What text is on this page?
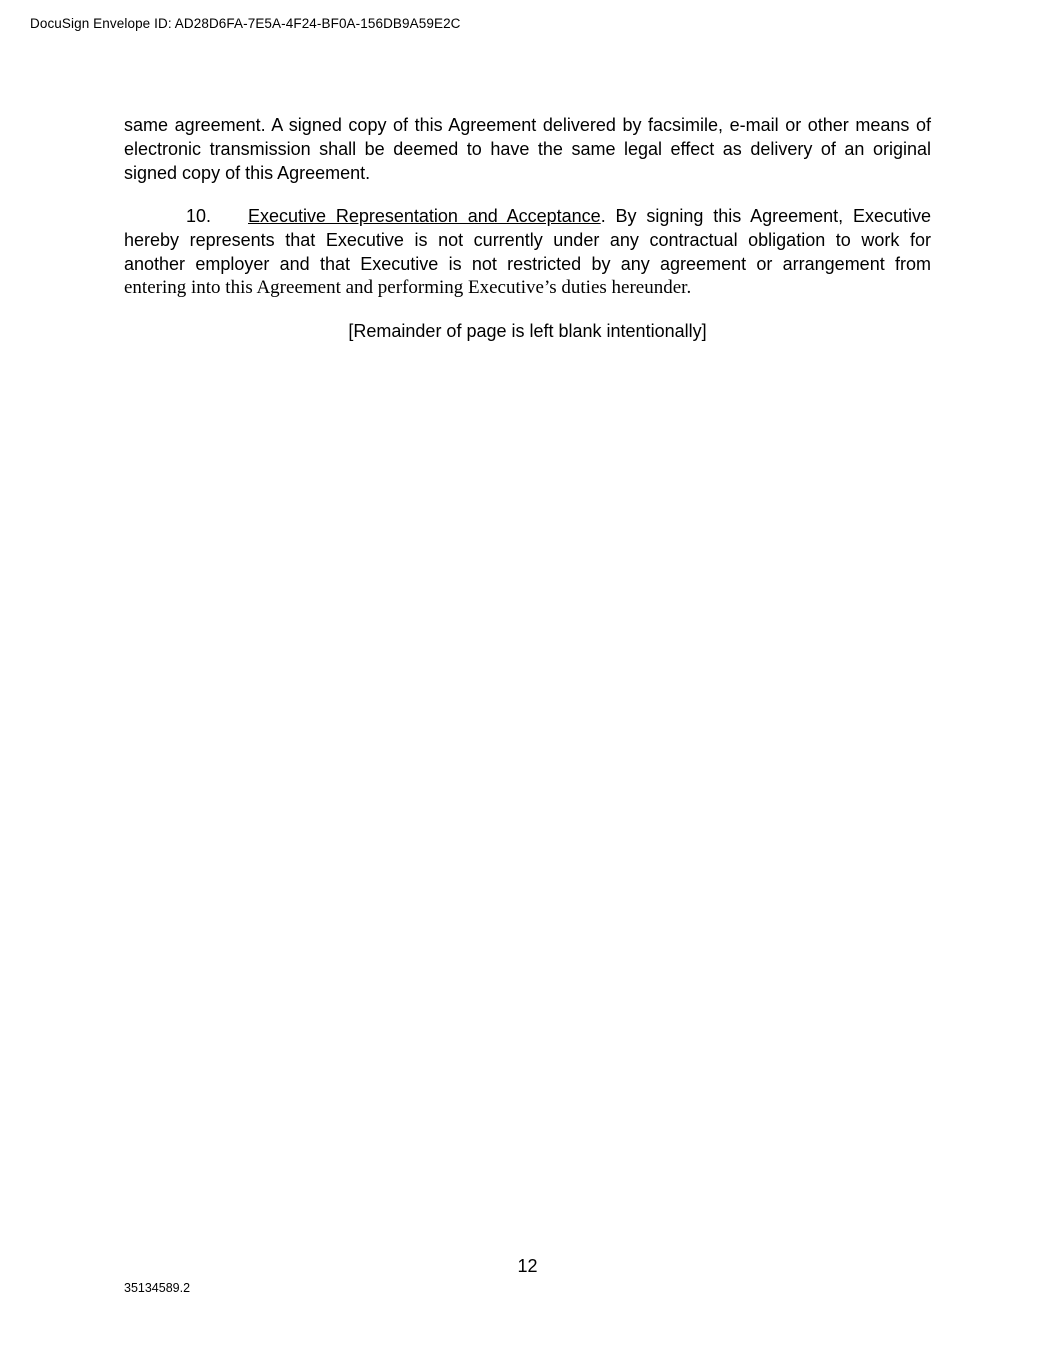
DocuSign Envelope ID: AD28D6FA-7E5A-4F24-BF0A-156DB9A59E2C
same agreement. A signed copy of this Agreement delivered by facsimile, e-mail or other means of electronic transmission shall be deemed to have the same legal effect as delivery of an original signed copy of this Agreement.
10. Executive Representation and Acceptance. By signing this Agreement, Executive
hereby represents that Executive is not currently under any contractual obligation to work for
another employer and that Executive is not restricted by any agreement or arrangement from
entering into this Agreement and performing Executive’s duties hereunder.
[Remainder of page is left blank intentionally]
12
35134589.2
